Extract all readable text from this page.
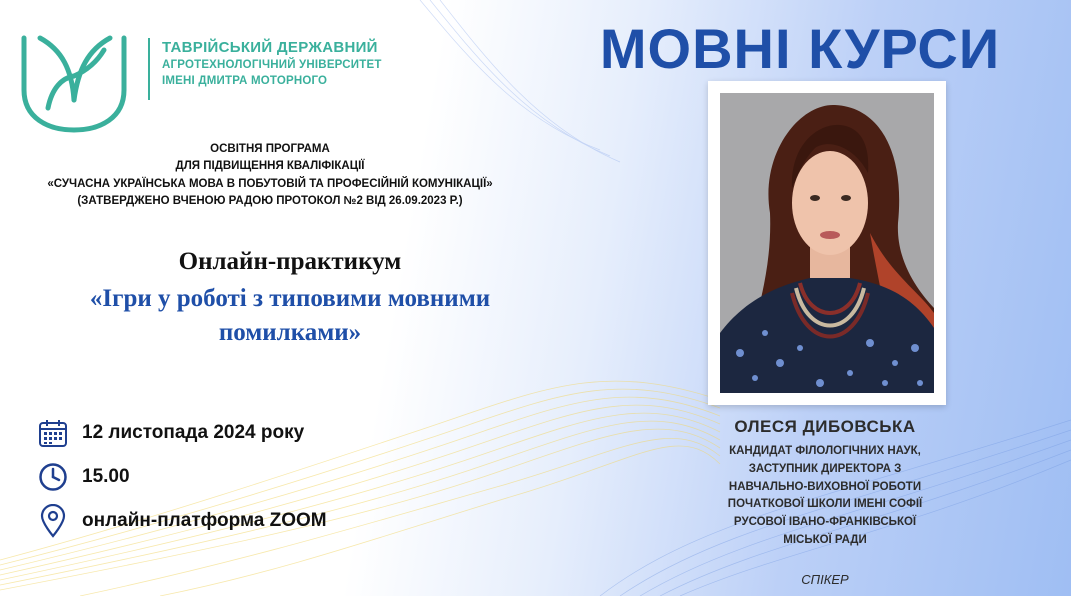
ТАВРІЙСЬКИЙ ДЕРЖАВНИЙ
АГРОТЕХНОЛОГІЧНИЙ УНІВЕРСИТЕТ
ІМЕНІ ДМИТРА МОТОРНОГО
МОВНІ КУРСИ
ОСВІТНЯ ПРОГРАМА
ДЛЯ ПІДВИЩЕННЯ КВАЛІФІКАЦІЇ
«СУЧАСНА УКРАЇНСЬКА МОВА В ПОБУТОВІЙ ТА ПРОФЕСІЙНІЙ КОМУНІКАЦІЇ»
(ЗАТВЕРДЖЕНО ВЧЕНОЮ РАДОЮ ПРОТОКОЛ №2 ВІД 26.09.2023 Р.)
Онлайн-практикум
«Ігри у роботі з типовими мовними
помилками»
12 листопада 2024 року
15.00
онлайн-платформа ZOOM
ОЛЕСЯ ДИБОВСЬКА
КАНДИДАТ ФІЛОЛОГІЧНИХ НАУК,
ЗАСТУПНИК ДИРЕКТОРА З
НАВЧАЛЬНО-ВИХОВНОЇ РОБОТИ
ПОЧАТКОВОЇ ШКОЛИ ІМЕНІ СОФІЇ
РУСОВОЇ ІВАНО-ФРАНКІВСЬКОЇ
МІСЬКОЇ РАДИ
СПІКЕР
